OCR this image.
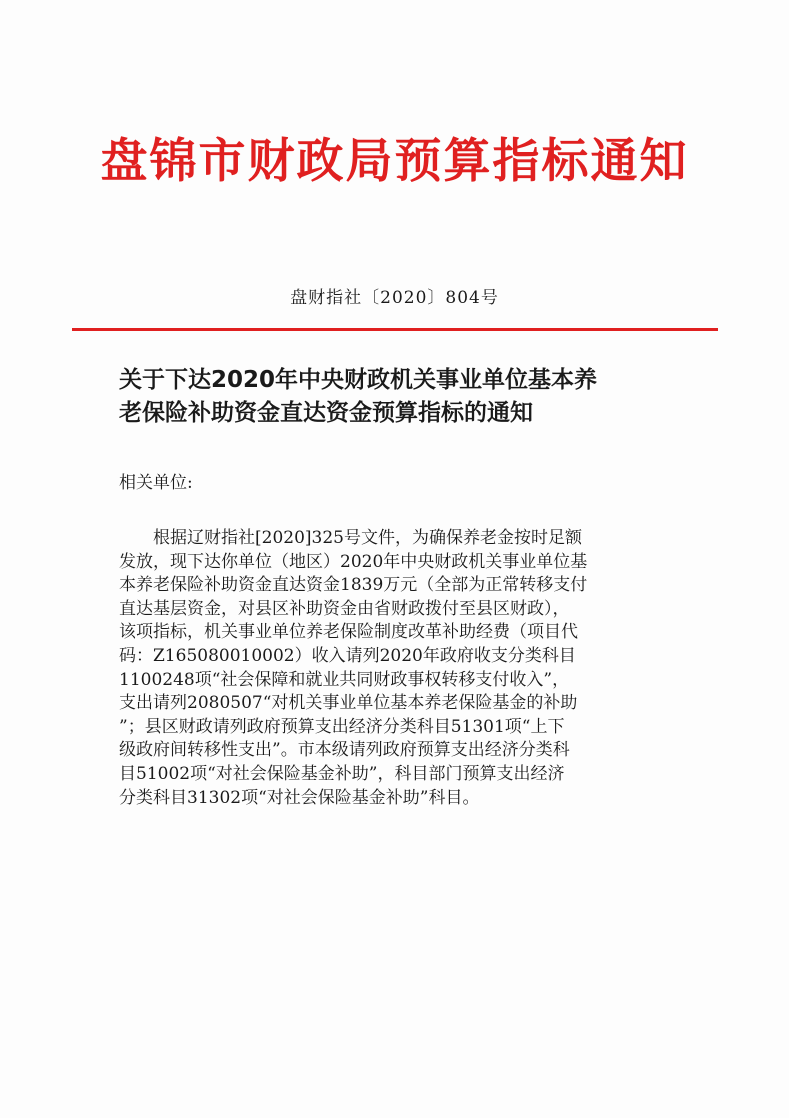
盘锦市财政局预算指标通知
盘财指社〔2020〕804号
关于下达2020年中央财政机关事业单位基本养
老保险补助资金直达资金预算指标的通知
相关单位:

根据辽财指社[2020]325号文件，为确保养老金按时足额
发放，现下达你单位（地区）2020年中央财政机关事业单位基
本养老保险补助资金直达资金1839万元（全部为正常转移支付
直达基层资金，对县区补助资金由省财政拨付至县区财政），
该项指标，机关事业单位养老保险制度改革补助经费（项目代
码：Z165080010002）收入请列2020年政府收支分类科目
1100248项“社会保障和就业共同财政事权转移支付收入”，
支出请列2080507“对机关事业单位基本养老保险基金的补助
”；县区财政请列政府预算支出经济分类科目51301项“上下
级政府间转移性支出”。市本级请列政府预算支出经济分类科
目51002项“对社会保险基金补助”，科目部门预算支出经济
分类科目31302项“对社会保险基金补助”科目。
